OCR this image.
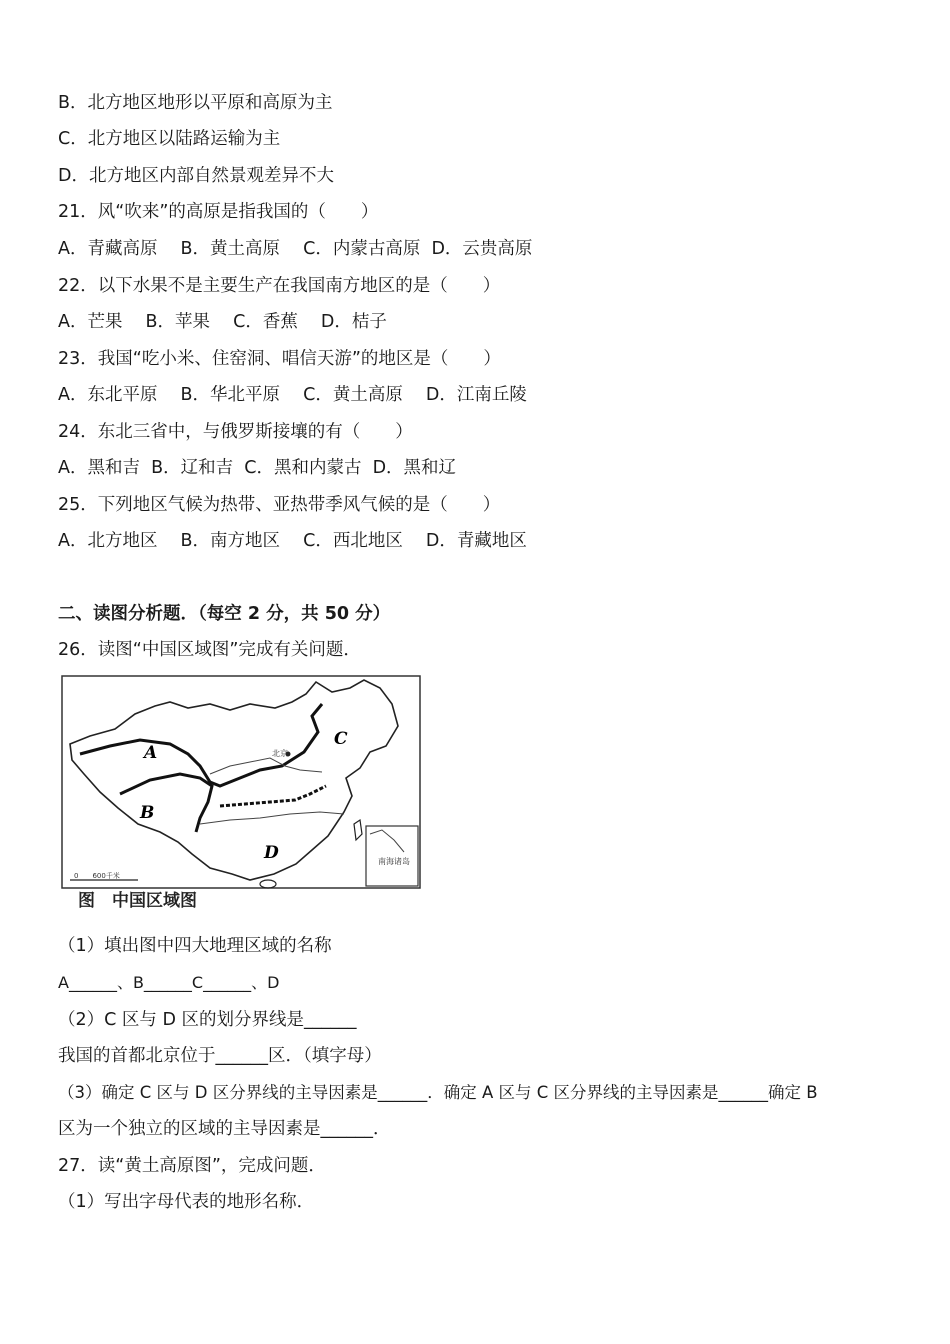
B．北方地区地形以平原和高原为主
C．北方地区以陆路运输为主
D．北方地区内部自然景观差异不大
21．风“吹来”的高原是指我国的（　　）
A．青藏高原　 B．黄土高原　 C．内蒙古高原  D．云贵高原
22．以下水果不是主要生产在我国南方地区的是（　　）
A．芒果　 B．苹果　 C．香蕉　 D．桔子
23．我国“吃小米、住窑洞、唱信天游”的地区是（　　）
A．东北平原　 B．华北平原　 C．黄土高原　 D．江南丘陵
24．东北三省中，与俄罗斯接壤的有（　　）
A．黑和吉  B．辽和吉  C．黑和内蒙古  D．黑和辽
25．下列地区气候为热带、亚热带季风气候的是（　　）
A．北方地区　 B．南方地区　 C．西北地区　 D．青藏地区
二、读图分析题．（每空 2 分，共 50 分）
26．读图“中国区域图”完成有关问题．
北京
A
B
C
D	南海诸岛
0　　600千米
图　中国区域图
（1）填出图中四大地理区域的名称
A______、B______C______、D
（2）C 区与 D 区的划分界线是______
我国的首都北京位于______区．（填字母）
（3）确定 C 区与 D 区分界线的主导因素是______．确定 A 区与 C 区分界线的主导因素是______确定 B
区为一个独立的区域的主导因素是______．
27．读“黄土高原图”，完成问题．
（1）写出字母代表的地形名称．
